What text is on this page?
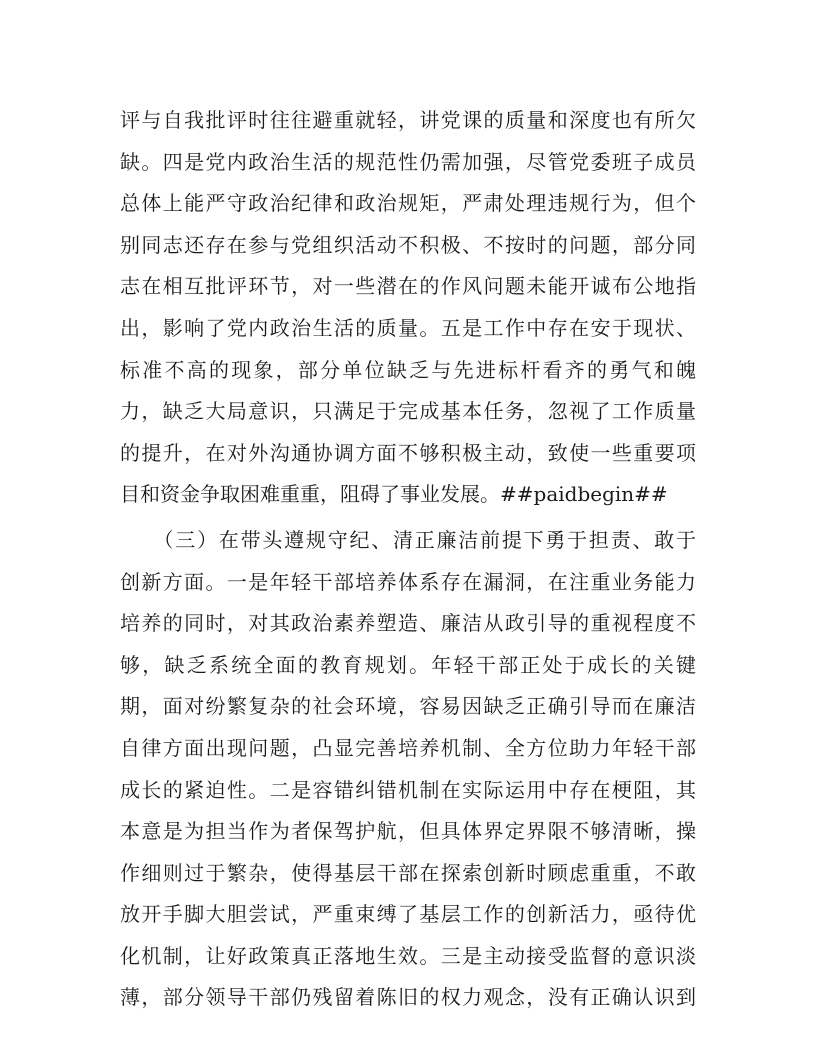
评与自我批评时往往避重就轻，讲党课的质量和深度也有所欠
缺。四是党内政治生活的规范性仍需加强，尽管党委班子成员
总体上能严守政治纪律和政治规矩，严肃处理违规行为，但个
别同志还存在参与党组织活动不积极、不按时的问题，部分同
志在相互批评环节，对一些潜在的作风问题未能开诚布公地指
出，影响了党内政治生活的质量。五是工作中存在安于现状、
标准不高的现象，部分单位缺乏与先进标杆看齐的勇气和魄
力，缺乏大局意识，只满足于完成基本任务，忽视了工作质量
的提升，在对外沟通协调方面不够积极主动，致使一些重要项
目和资金争取困难重重，阻碍了事业发展。##paidbegin##
　　（三）在带头遵规守纪、清正廉洁前提下勇于担责、敢于
创新方面。一是年轻干部培养体系存在漏洞，在注重业务能力
培养的同时，对其政治素养塑造、廉洁从政引导的重视程度不
够，缺乏系统全面的教育规划。年轻干部正处于成长的关键
期，面对纷繁复杂的社会环境，容易因缺乏正确引导而在廉洁
自律方面出现问题，凸显完善培养机制、全方位助力年轻干部
成长的紧迫性。二是容错纠错机制在实际运用中存在梗阻，其
本意是为担当作为者保驾护航，但具体界定界限不够清晰，操
作细则过于繁杂，使得基层干部在探索创新时顾虑重重，不敢
放开手脚大胆尝试，严重束缚了基层工作的创新活力，亟待优
化机制，让好政策真正落地生效。三是主动接受监督的意识淡
薄，部分领导干部仍残留着陈旧的权力观念，没有正确认识到
